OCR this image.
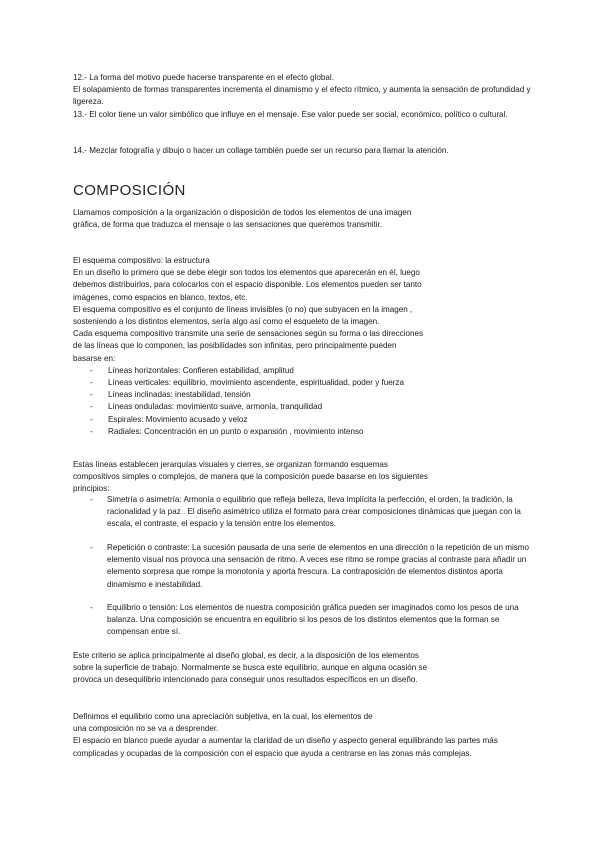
12.- La forma del motivo puede hacerse transparente en el efecto global.

El solapamiento de formas transparentes incrementa el dinamismo y el efecto rítmico, y aumenta la sensación de profundidad y ligereza.

13.- El color tiene un valor simbólico que influye en el mensaje. Ese valor puede ser social, económico, político o cultural.

14.- Mezclar fotografía y dibujo o hacer un collage también puede ser un recurso para llamar la atención.

COMPOSICIÓN

Llamamos composición a la organización o disposición de todos los elementos de una imagen gráfica, de forma que traduzca el mensaje o las sensaciones que queremos transmitir.

El esquema compositivo: la estructura

En un diseño lo primero que se debe elegir son todos los elementos que aparecerán en él, luego debemos distribuirlos, para colocarlos con el espacio disponible. Los elementos pueden ser tanto imágenes, como espacios en blanco, textos, etc.

El esquema compositivo es el conjunto de líneas invisibles (o no) que subyacen en la imagen , sosteniendo a los distintos elementos, sería algo así como el esqueleto de la imagen.

Cada esquema compositivo transmite una serie de sensaciones según su forma o las direcciones de las líneas que lo componen, las posibilidades son infinitas, pero principalmente pueden basarse en:

- Líneas horizontales: Confieren estabilidad, amplitud
- Líneas verticales: equilibrio, movimiento ascendente, espiritualidad, poder y fuerza
- Líneas inclinadas: inestabilidad, tensión
- Líneas onduladas: movimiento suave, armonía, tranquilidad
- Espirales: Movimiento acusado y veloz
- Radiales: Concentración en un punto o expansión , movimiento intenso

Estas líneas establecen jerarquías visuales y cierres, se organizan formando esquemas compositivos simples o complejos, de manera que la composición puede basarse en los siguientes principios:

- Simetría o asimetría: Armonía o equilibrio que refleja belleza, lleva implícita la perfección, el orden, la tradición, la racionalidad y la paz . El diseño asimétrico utiliza el formato para crear composiciones dinámicas que juegan con la escala, el contraste, el espacio y la tensión entre los elementos.

- Repetición o contraste: La sucesión pausada de una serie de elementos en una dirección o la repetición de un mismo elemento visual nos provoca una sensación de ritmo. A veces ese ritmo se rompe gracias al contraste para añadir un elemento sorpresa que rompe la monotonía y aporta frescura. La contraposición de elementos distintos aporta dinamismo e inestabilidad.

- Equilibrio o tensión: Los elementos de nuestra composición gráfica pueden ser imaginados como los pesos de una balanza. Una composición se encuentra en equilibrio si los pesos de los distintos elementos que la forman se compensan entre sí.

Este criterio se aplica principalmente al diseño global, es decir, a la disposición de los elementos sobre la superficie de trabajo. Normalmente se busca este equilibrio, aunque en alguna ocasión se provoca un desequilibrio intencionado para conseguir unos resultados específicos en un diseño.

Definimos el equilibrio como una apreciación subjetiva, en la cual, los elementos de una composición no se va a desprender.

El espacio en blanco puede ayudar a aumentar la claridad de un diseño y aspecto general equilibrando las partes más complicadas y ocupadas de la composición con el espacio que ayuda a centrarse en las zonas más complejas.
